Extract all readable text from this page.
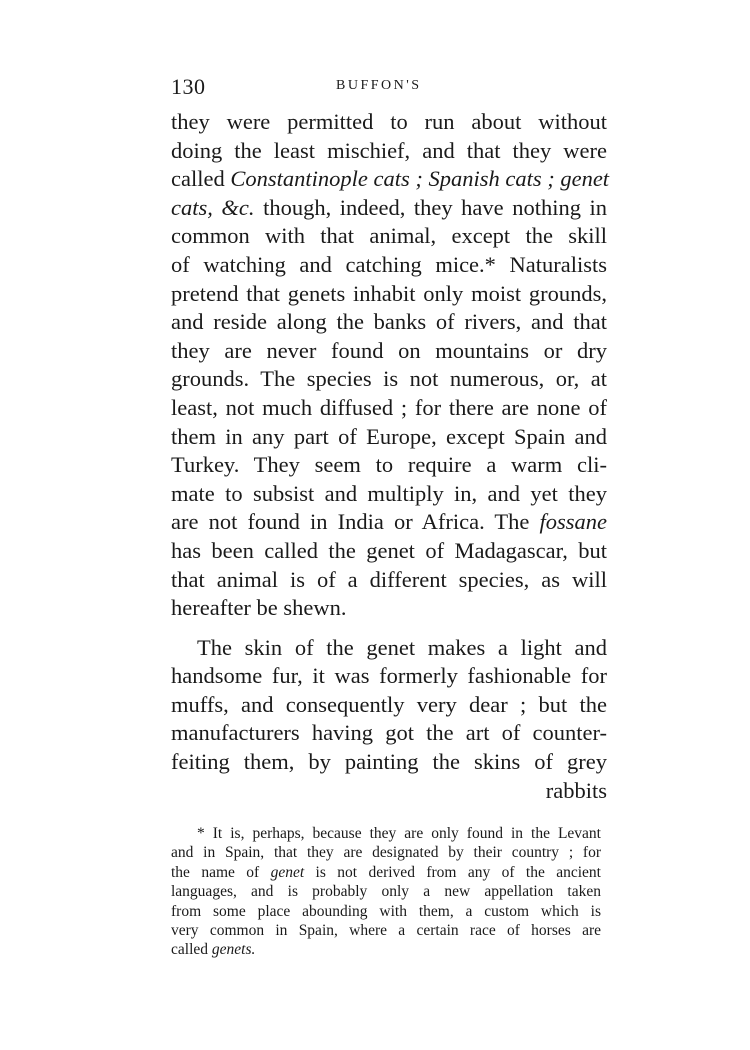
130	BUFFON'S
they were permitted to run about without
doing the least mischief, and that they were
called Constantinople cats ; Spanish cats ; genet
cats, &c. though, indeed, they have nothing in
common with that animal, except the skill
of watching and catching mice.* Naturalists
pretend that genets inhabit only moist grounds,
and reside along the banks of rivers, and that
they are never found on mountains or dry
grounds. The species is not numerous, or, at
least, not much diffused ; for there are none of
them in any part of Europe, except Spain and
Turkey. They seem to require a warm cli-
mate to subsist and multiply in, and yet they
are not found in India or Africa. The fossane
has been called the genet of Madagascar, but
that animal is of a different species, as will
hereafter be shewn.
The skin of the genet makes a light and
handsome fur, it was formerly fashionable for
muffs, and consequently very dear ; but the
manufacturers having got the art of counter-
feiting them, by painting the skins of grey
rabbits
* It is, perhaps, because they are only found in the Levant
and in Spain, that they are designated by their country ; for
the name of genet is not derived from any of the ancient
languages, and is probably only a new appellation taken
from some place abounding with them, a custom which is
very common in Spain, where a certain race of horses are
called genets.
